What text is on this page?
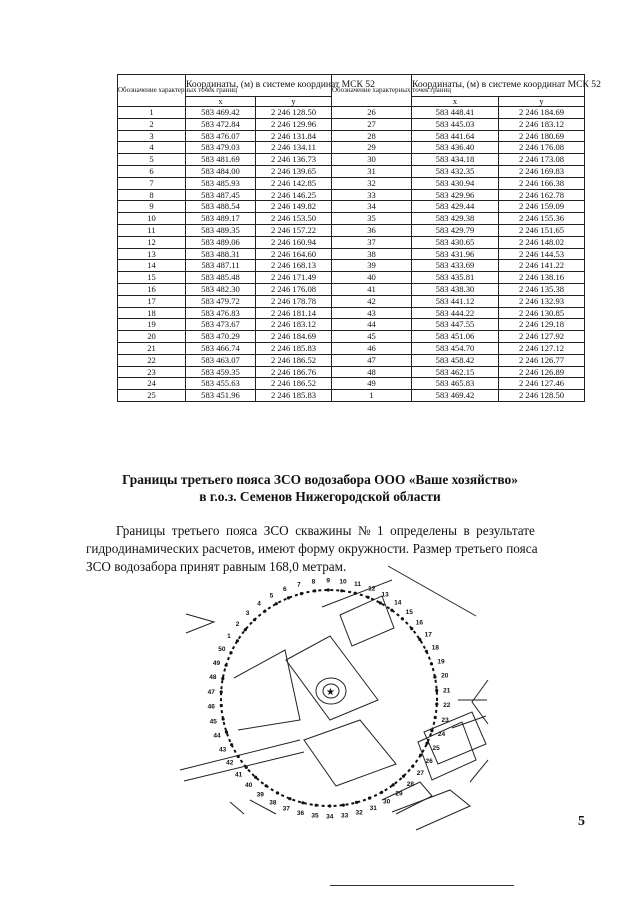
Обозначение характерных точек границ	Координаты, (м) в системе координат МСК 52		Обозначение характерных точек границ	Координаты, (м) в системе координат МСК 52	
	x	y		x	y
1	583 469.42	2 246 128.50	26	583 448.41	2 246 184.69
2	583 472.84	2 246 129.96	27	583 445.03	2 246 183.12
3	583 476.07	2 246 131.84	28	583 441.64	2 246 180.69
4	583 479.03	2 246 134.11	29	583 436.40	2 246 176.08
5	583 481.69	2 246 136.73	30	583 434.18	2 246 173.08
6	583 484.00	2 246 139.65	31	583 432.35	2 246 169.83
7	583 485.93	2 246 142.85	32	583 430.94	2 246 166.38
8	583 487.45	2 246 146.25	33	583 429.96	2 246 162.78
9	583 488.54	2 246 149.82	34	583 429.44	2 246 159.09
10	583 489.17	2 246 153.50	35	583 429.38	2 246 155.36
11	583 489.35	2 246 157.22	36	583 429.79	2 246 151.65
12	583 489.06	2 246 160.94	37	583 430.65	2 246 148.02
13	583 488.31	2 246 164.60	38	583 431.96	2 246 144.53
14	583 487.11	2 246 168.13	39	583 433.69	2 246 141.22
15	583 485.48	2 246 171.49	40	583 435.81	2 246 138.16
16	583 482.30	2 246 176.08	41	583 438.30	2 246 135.38
17	583 479.72	2 246 178.78	42	583 441.12	2 246 132.93
18	583 476.83	2 246 181.14	43	583 444.22	2 246 130.85
19	583 473.67	2 246 183.12	44	583 447.55	2 246 129.18
20	583 470.29	2 246 184.69	45	583 451.06	2 246 127.92
21	583 466.74	2 246 185.83	46	583 454.70	2 246 127.12
22	583 463.07	2 246 186.52	47	583 458.42	2 246 126.77
23	583 459.35	2 246 186.76	48	583 462.15	2 246 126.89
24	583 455.63	2 246 186.52	49	583 465.83	2 246 127.46
25	583 451.96	2 246 185.83	1	583 469.42	2 246 128.50
Границы третьего пояса ЗСО водозабора ООО «Ваше хозяйство»
в г.о.з. Семенов Нижегородской области
Границы третьего пояса ЗСО скважины № 1 определены в результате
гидродинамических расчетов, имеют форму окружности. Размер третьего пояса
ЗСО водозабора принят равным 168,0 метрам.
★
1
2
3
4
5
6
7 8 9 10 11
12
13
14
15
16
17
18
19
20
21
22
23
24
25
26
27
28
29
30
31
32
33
34
35
36
37
38
39
40
41
42
43
44
45
46
47
48
49
50
5
